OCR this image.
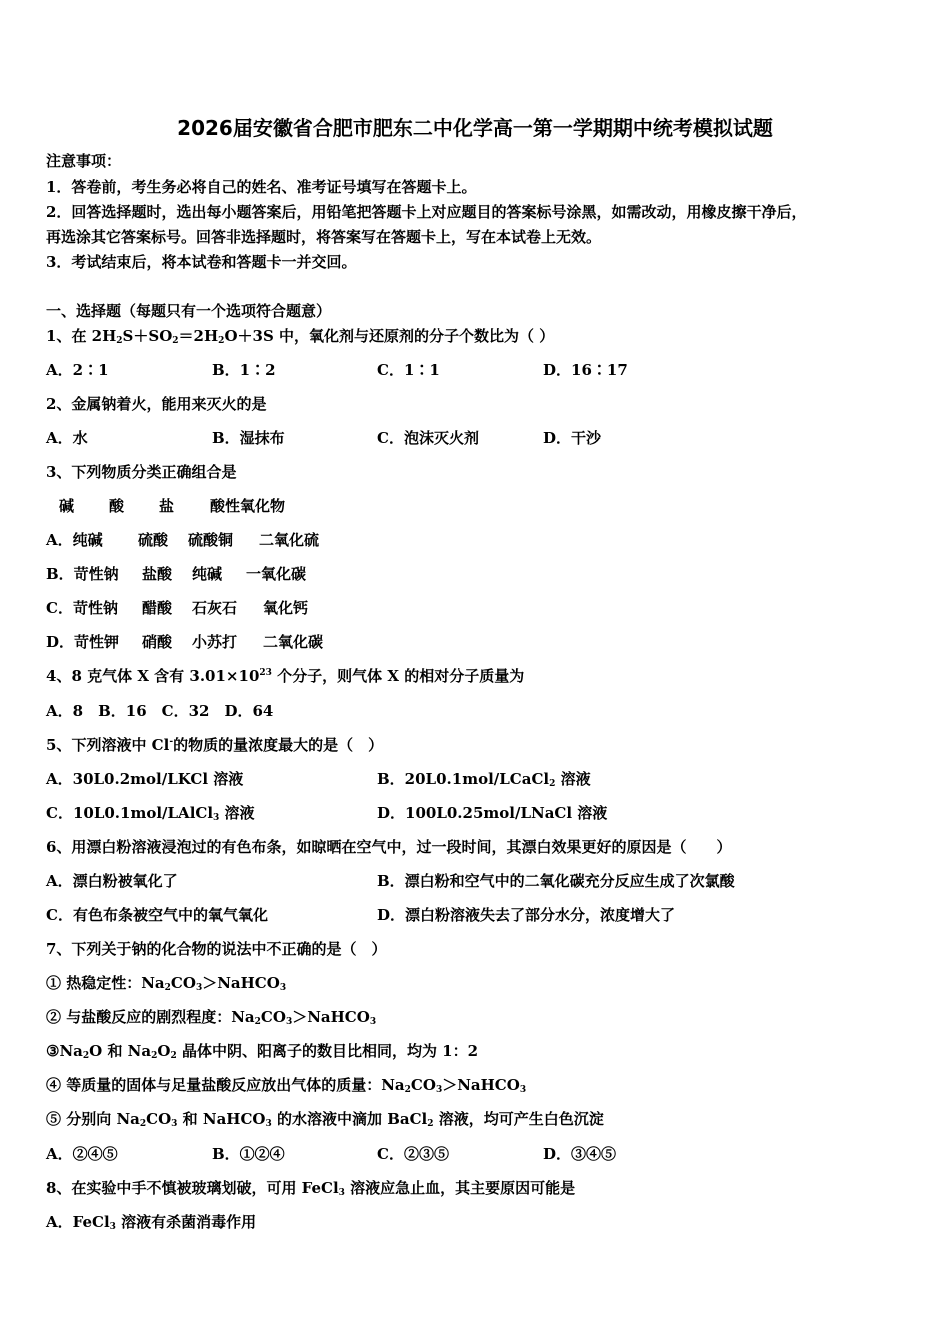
2026届安徽省合肥市肥东二中化学高一第一学期期中统考模拟试题
注意事项：
1．答卷前，考生务必将自己的姓名、准考证号填写在答题卡上。
2．回答选择题时，选出每小题答案后，用铅笔把答题卡上对应题目的答案标号涂黑，如需改动，用橡皮擦干净后，
再选涂其它答案标号。回答非选择题时，将答案写在答题卡上，写在本试卷上无效。
3．考试结束后，将本试卷和答题卡一并交回。
一、选择题（每题只有一个选项符合题意）
1、在 $2H_2S+SO_2=2H_2O+3S$ 中，氧化剂与还原剂的分子个数比为（ ）
A．2∶1	B．1∶2	C．1∶1	D．16∶17
2、金属钠着火，能用来灭火的是
A．水	B．湿抹布	C．泡沫灭火剂	D．干沙
3、下列物质分类正确组合是
碱 酸 盐 酸性氧化物
A．纯碱 硫酸 硫酸铜 二氧化硫
B．苛性钠 盐酸 纯碱 一氧化碳
C．苛性钠 醋酸 石灰石 氧化钙
D．苛性钾 硝酸 小苏打 二氧化碳
4、8 克气体 X 含有 $3.01\times 10^{23}$ 个分子，则气体 X 的相对分子质量为
A．8　B．16　C．32　D．64
5、下列溶液中 Cl-的物质的量浓度最大的是（　）
A．30L0.2mol/LKCl 溶液	B．20L0.1mol/LCaCl$_2$ 溶液
C．10L0.1mol/LAlCl$_3$ 溶液	D．100L0.25mol/LNaCl 溶液
6、用漂白粉溶液浸泡过的有色布条，如晾晒在空气中，过一段时间，其漂白效果更好的原因是（　　）
A．漂白粉被氧化了	B．漂白粉和空气中的二氧化碳充分反应生成了次氯酸
C．有色布条被空气中的氧气氧化	D．漂白粉溶液失去了部分水分，浓度增大了
7、下列关于钠的化合物的说法中不正确的是（　）
① 热稳定性：$Na_2CO_3>NaHCO_3$
② 与盐酸反应的剧烈程度：$Na_2CO_3>NaHCO_3$
$③Na_2O$ 和 $Na_2O_2$ 晶体中阴、阳离子的数目比相同，均为 1：2
④ 等质量的固体与足量盐酸反应放出气体的质量：$Na_2CO_3>NaHCO_3$
⑤ 分别向 $Na_2CO_3$ 和 NaHCO$_3$ 的水溶液中滴加 BaCl$_2$ 溶液，均可产生白色沉淀
A．②④⑤	B．①②④	C．②③⑤	D．③④⑤
8、在实验中手不慎被玻璃划破，可用 FeCl$_3$ 溶液应急止血，其主要原因可能是
A．FeCl$_3$ 溶液有杀菌消毒作用
